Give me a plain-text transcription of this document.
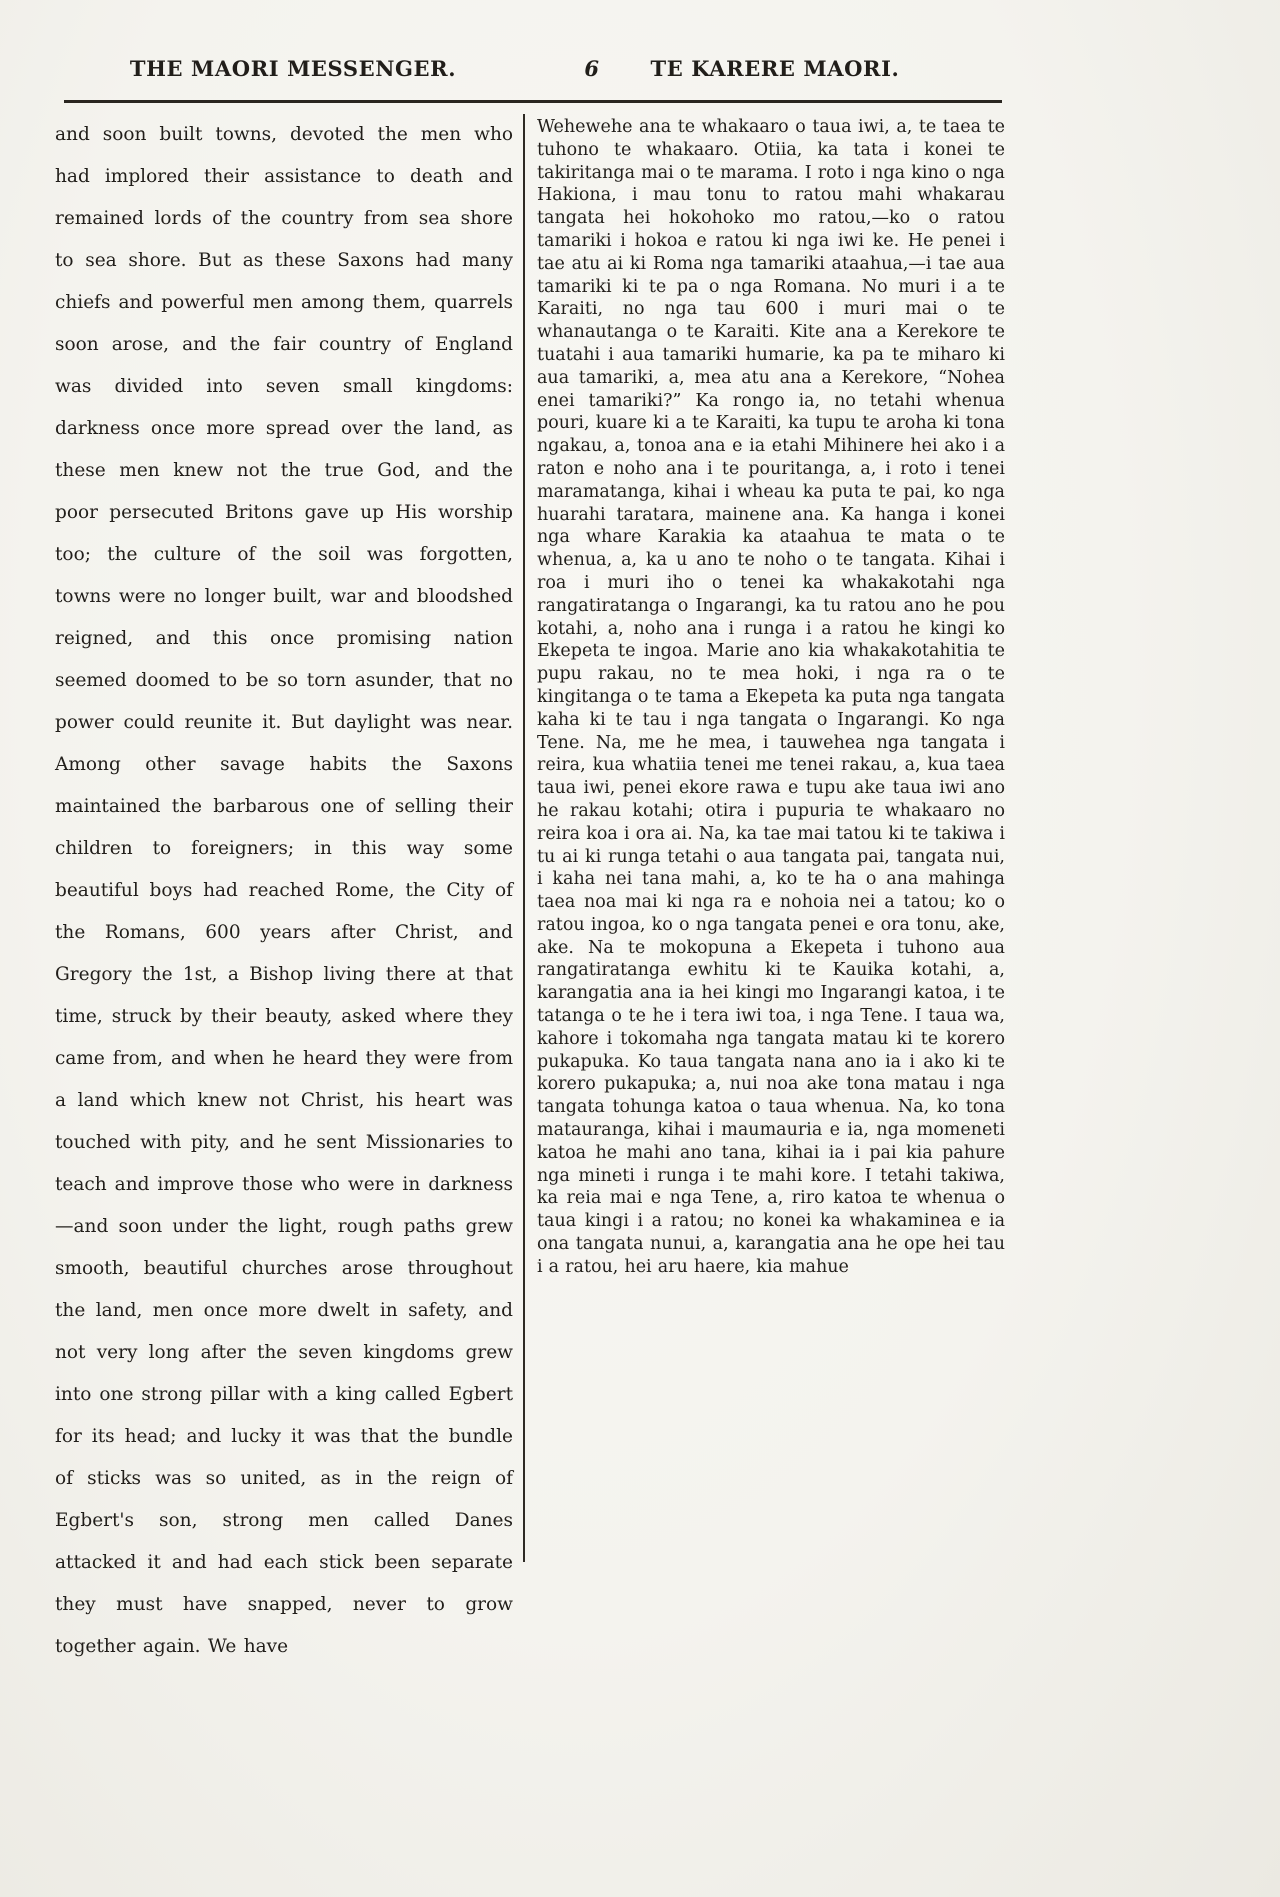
THE MAORI MESSENGER.	6	TE KARERE MAORI.

and soon built towns, devoted the men who had implored their assistance to death and remained lords of the country from sea shore to sea shore. But as these Saxons had many chiefs and powerful men among them, quarrels soon arose, and the fair country of England was divided into seven small kingdoms: darkness once more spread over the land, as these men knew not the true God, and the poor persecuted Britons gave up His worship too; the culture of the soil was forgotten, towns were no longer built, war and bloodshed reigned, and this once promising nation seemed doomed to be so torn asunder, that no power could reunite it. But daylight was near. Among other savage habits the Saxons maintained the barbarous one of selling their children to foreigners; in this way some beautiful boys had reached Rome, the City of the Romans, 600 years after Christ, and Gregory the 1st, a Bishop living there at that time, struck by their beauty, asked where they came from, and when he heard they were from a land which knew not Christ, his heart was touched with pity, and he sent Missionaries to teach and improve those who were in darkness—and soon under the light, rough paths grew smooth, beautiful churches arose throughout the land, men once more dwelt in safety, and not very long after the seven kingdoms grew into one strong pillar with a king called Egbert for its head; and lucky it was that the bundle of sticks was so united, as in the reign of Egbert's son, strong men called Danes attacked it and had each stick been separate they must have snapped, never to grow together again. We have

Wehewehe ana te whakaaro o taua iwi, a, te taea te tuhono te whakaaro. Otiia, ka tata i konei te takiritanga mai o te marama. I roto i nga kino o nga Hakiona, i mau tonu to ratou mahi whakarau tangata hei hokohoko mo ratou,—ko o ratou tamariki i hokoa e ratou ki nga iwi ke. He penei i tae atu ai ki Roma nga tamariki ataahua,—i tae aua tamariki ki te pa o nga Romana. No muri i a te Karaiti, no nga tau 600 i muri mai o te whanautanga o te Karaiti. Kite ana a Kerekore te tuatahi i aua tamariki humarie, ka pa te miharo ki aua tamariki, a, mea atu ana a Kerekore, “Nohea enei tamariki?” Ka rongo ia, no tetahi whenua pouri, kuare ki a te Karaiti, ka tupu te aroha ki tona ngakau, a, tonoa ana e ia etahi Mihinere hei ako i a raton e noho ana i te pouritanga, a, i roto i tenei maramatanga, kihai i wheau ka puta te pai, ko nga huarahi taratara, mainene ana. Ka hanga i konei nga whare Karakia ka ataahua te mata o te whenua, a, ka u ano te noho o te tangata. Kihai i roa i muri iho o tenei ka whakakotahi nga rangatiratanga o Ingarangi, ka tu ratou ano he pou kotahi, a, noho ana i runga i a ratou he kingi ko Ekepeta te ingoa. Marie ano kia whakakotahitia te pupu rakau, no te mea hoki, i nga ra o te kingitanga o te tama a Ekepeta ka puta nga tangata kaha ki te tau i nga tangata o Ingarangi. Ko nga Tene. Na, me he mea, i tauwehea nga tangata i reira, kua whatiia tenei me tenei rakau, a, kua taea taua iwi, penei ekore rawa e tupu ake taua iwi ano he rakau kotahi; otira i pupuria te whakaaro no reira koa i ora ai. Na, ka tae mai tatou ki te takiwa i tu ai ki runga tetahi o aua tangata pai, tangata nui, i kaha nei tana mahi, a, ko te ha o ana mahinga taea noa mai ki nga ra e nohoia nei a tatou; ko o ratou ingoa, ko o nga tangata penei e ora tonu, ake, ake. Na te mokopuna a Ekepeta i tuhono aua rangatiratanga ewhitu ki te Kauika kotahi, a, karangatia ana ia hei kingi mo Ingarangi katoa, i te tatanga o te he i tera iwi toa, i nga Tene. I taua wa, kahore i tokomaha nga tangata matau ki te korero pukapuka. Ko taua tangata nana ano ia i ako ki te korero pukapuka; a, nui noa ake tona matau i nga tangata tohunga katoa o taua whenua. Na, ko tona matauranga, kihai i maumauria e ia, nga momeneti katoa he mahi ano tana, kihai ia i pai kia pahure nga mineti i runga i te mahi kore. I tetahi takiwa, ka reia mai e nga Tene, a, riro katoa te whenua o taua kingi i a ratou; no konei ka whakaminea e ia ona tangata nunui, a, karangatia ana he ope hei tau i a ratou, hei aru haere, kia mahue
